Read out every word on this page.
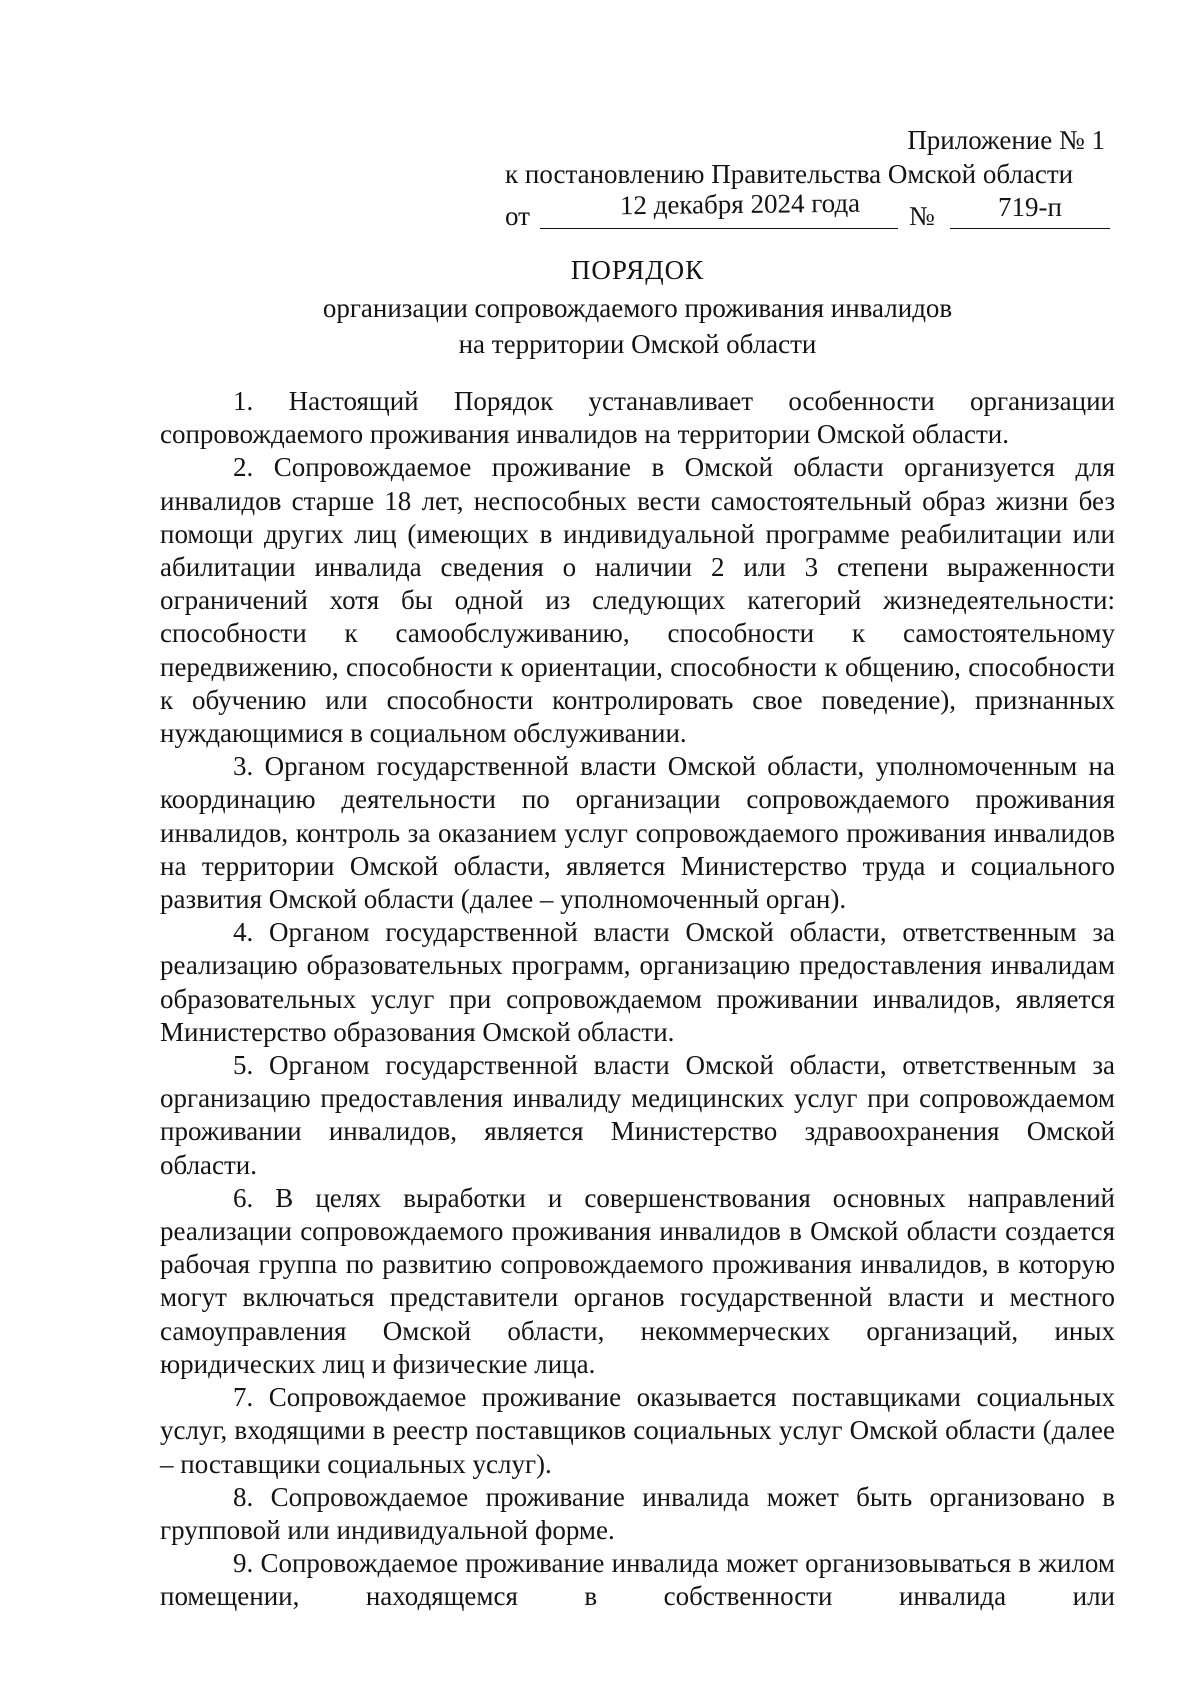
Приложение № 1
к постановлению Правительства Омской области
от	12 декабря 2024 года	№	719-п
ПОРЯДОК
организации сопровождаемого проживания инвалидов
на территории Омской области

1. Настоящий Порядок устанавливает особенности организации сопровождаемого проживания инвалидов на территории Омской области.

2. Сопровождаемое проживание в Омской области организуется для инвалидов старше 18 лет, неспособных вести самостоятельный образ жизни без помощи других лиц (имеющих в индивидуальной программе реабилитации или абилитации инвалида сведения о наличии 2 или 3 степени выраженности ограничений хотя бы одной из следующих категорий жизнедеятельности: способности к самообслуживанию, способности к самостоятельному передвижению, способности к ориентации, способности к общению, способности к обучению или способности контролировать свое поведение), признанных нуждающимися в социальном обслуживании.

3. Органом государственной власти Омской области, уполномоченным на координацию деятельности по организации сопровождаемого проживания инвалидов, контроль за оказанием услуг сопровождаемого проживания инвалидов на территории Омской области, является Министерство труда и социального развития Омской области (далее – уполномоченный орган).

4. Органом государственной власти Омской области, ответственным за реализацию образовательных программ, организацию предоставления инвалидам образовательных услуг при сопровождаемом проживании инвалидов, является Министерство образования Омской области.

5. Органом государственной власти Омской области, ответственным за организацию предоставления инвалиду медицинских услуг при сопровождаемом проживании инвалидов, является Министерство здравоохранения Омской области.

6. В целях выработки и совершенствования основных направлений реализации сопровождаемого проживания инвалидов в Омской области создается рабочая группа по развитию сопровождаемого проживания инвалидов, в которую могут включаться представители органов государственной власти и местного самоуправления Омской области, некоммерческих организаций, иных юридических лиц и физические лица.

7. Сопровождаемое проживание оказывается поставщиками социальных услуг, входящими в реестр поставщиков социальных услуг Омской области (далее – поставщики социальных услуг).

8. Сопровождаемое проживание инвалида может быть организовано в групповой или индивидуальной форме.

9. Сопровождаемое проживание инвалида может организовываться в жилом помещении, находящемся в собственности инвалида или
